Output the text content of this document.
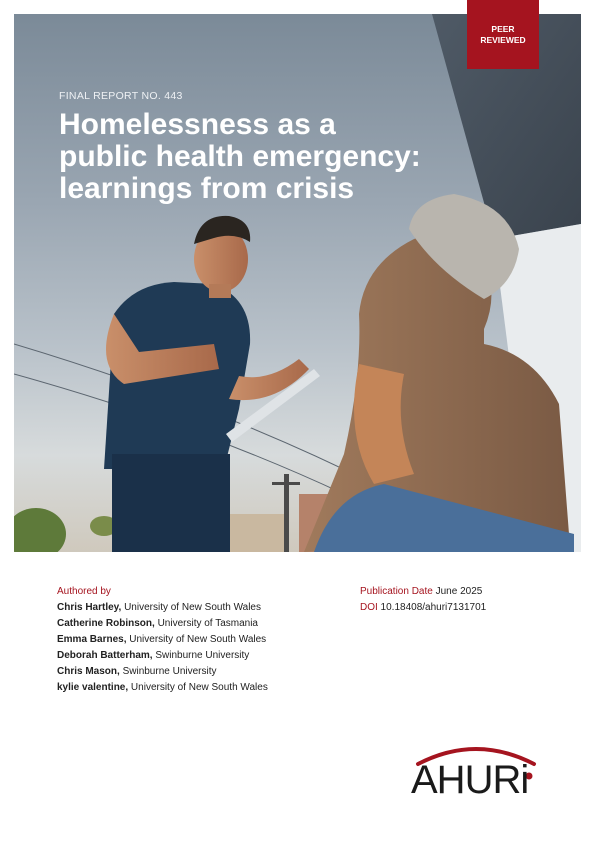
FINAL REPORT NO. 443

Homelessness as a
public health emergency:
learnings from crisis
PEER
REVIEWED
Authored by
Chris Hartley, University of New South Wales
Catherine Robinson, University of Tasmania
Emma Barnes, University of New South Wales
Deborah Batterham, Swinburne University
Chris Mason, Swinburne University
kylie valentine, University of New South Wales
Publication Date June 2025
DOI 10.18408/ahuri7131701
AHURi
